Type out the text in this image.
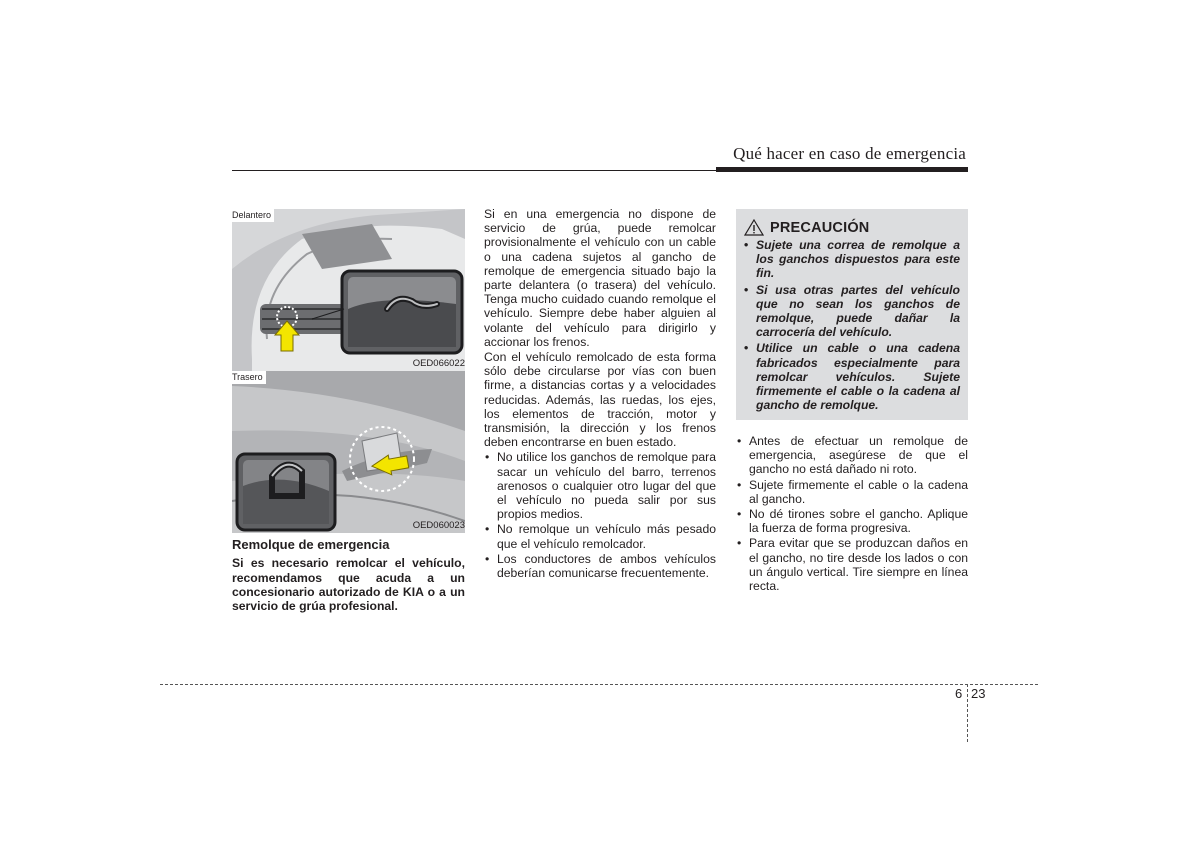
Qué hacer en caso de emergencia
Delantero
OED066022
Trasero
OED060023
Remolque de emergencia
Si es necesario remolcar el vehículo, recomendamos que acuda a un concesionario autorizado de KIA o a un servicio de grúa profesional.

Si en una emergencia no dispone de servicio de grúa, puede remolcar provisionalmente el vehículo con un cable o una cadena sujetos al gancho de remolque de emergencia situado bajo la parte delantera (o trasera) del vehículo. Tenga mucho cuidado cuando remolque el vehículo. Siempre debe haber alguien al volante del vehículo para dirigirlo y accionar los frenos.

Con el vehículo remolcado de esta forma sólo debe circularse por vías con buen firme, a distancias cortas y a velocidades reducidas. Además, las ruedas, los ejes, los elementos de tracción, motor y transmisión, la dirección y los frenos deben encontrarse en buen estado.

• No utilice los ganchos de remolque para sacar un vehículo del barro, terrenos arenosos o cualquier otro lugar del que el vehículo no pueda salir por sus propios medios.
• No remolque un vehículo más pesado que el vehículo remolcador.
• Los conductores de ambos vehículos deberían comunicarse frecuentemente.
PRECAUCIÓN
• Sujete una correa de remolque a los ganchos dispuestos para este fin.
• Si usa otras partes del vehículo que no sean los ganchos de remolque, puede dañar la carrocería del vehículo.
• Utilice un cable o una cadena fabricados especialmente para remolcar vehículos. Sujete firmemente el cable o la cadena al gancho de remolque.
• Antes de efectuar un remolque de emergencia, asegúrese de que el gancho no está dañado ni roto.
• Sujete firmemente el cable o la cadena al gancho.
• No dé tirones sobre el gancho. Aplique la fuerza de forma progresiva.
• Para evitar que se produzcan daños en el gancho, no tire desde los lados o con un ángulo vertical. Tire siempre en línea recta.
6 23
